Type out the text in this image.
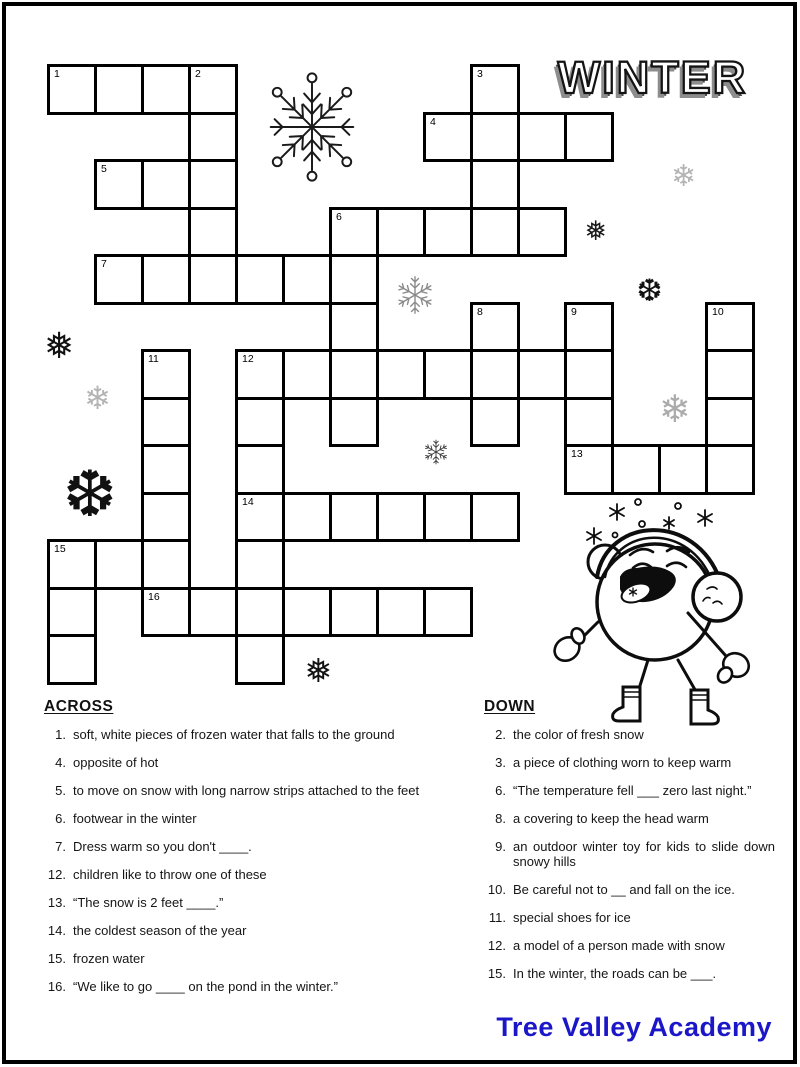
WINTER
1	2	3
4
5
6
7
8	9	10
11	12
13
14
15
16
❄
❅
❆
❅
❄	❄
❆
❅
ACROSS
1. soft, white pieces of frozen water that falls to the ground
4. opposite of hot
5. to move on snow with long narrow strips attached to the feet
6. footwear in the winter
7. Dress warm so you don't ____.
12. children like to throw one of these
13. “The snow is 2 feet ____.”
14. the coldest season of the year
15. frozen water
16. “We like to go ____ on the pond in the winter.”
DOWN
2. the color of fresh snow
3. a piece of clothing worn to keep warm
6. “The temperature fell ___ zero last night.”
8. a covering to keep the head warm
9. an outdoor winter toy for kids to slide down snowy hills
10. Be careful not to __ and fall on the ice.
11. special shoes for ice
12. a model of a person made with snow
15. In the winter, the roads can be ___.
Tree Valley Academy
